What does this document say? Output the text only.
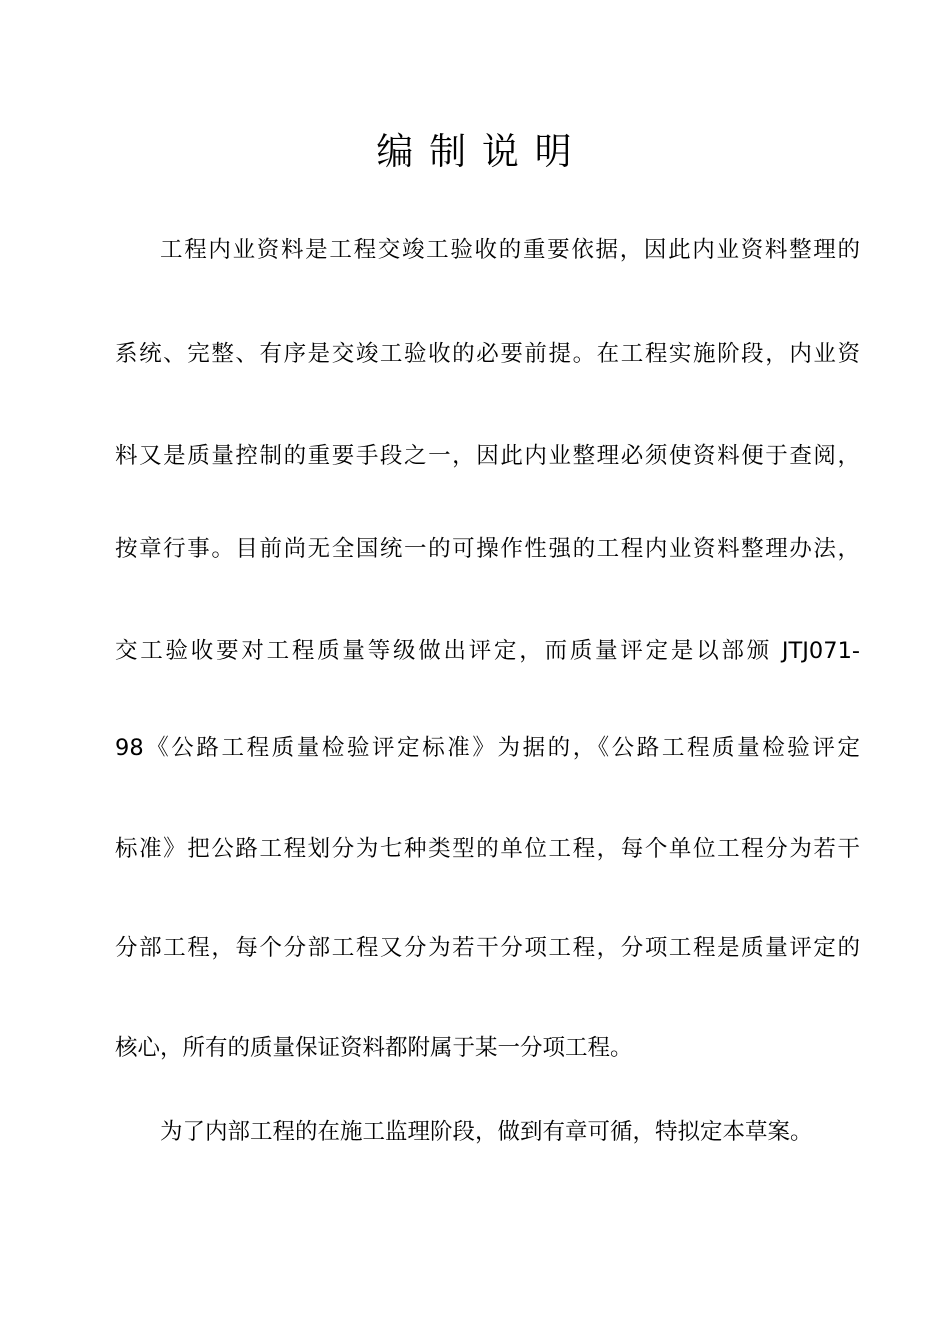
编 制 说 明
工程内业资料是工程交竣工验收的重要依据，因此内业资料整理的
系统、完整、有序是交竣工验收的必要前提。在工程实施阶段，内业资
料又是质量控制的重要手段之一，因此内业整理必须使资料便于查阅，
按章行事。目前尚无全国统一的可操作性强的工程内业资料整理办法，
交工验收要对工程质量等级做出评定，而质量评定是以部颁 JTJ071-
98《公路工程质量检验评定标准》为据的，《公路工程质量检验评定
标准》把公路工程划分为七种类型的单位工程，每个单位工程分为若干
分部工程，每个分部工程又分为若干分项工程，分项工程是质量评定的
核心，所有的质量保证资料都附属于某一分项工程。
为了内部工程的在施工监理阶段，做到有章可循，特拟定本草案。
